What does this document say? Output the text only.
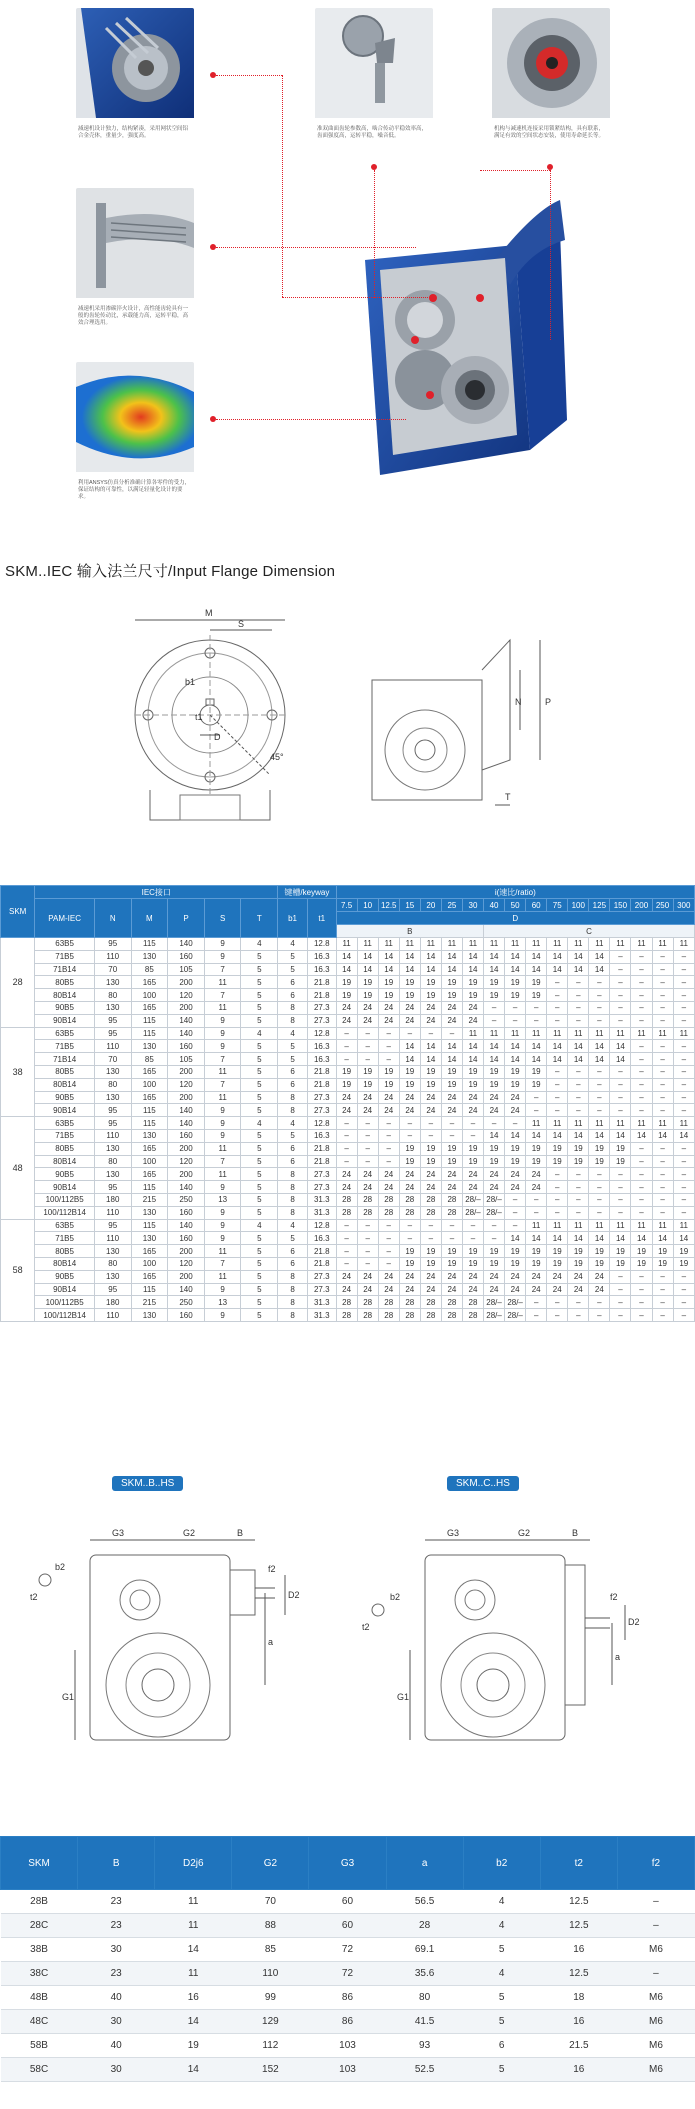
減速机设计独力，结构紧凑，采用网状空间铝合金壳体，重量少，强度高。
准双曲面齿轮参数高，啮合传动平稳效率高，齿面强度高，运转平稳，噪音低。
机构与减速机连接采用锁紧结构，具有联系，满足有效的空间状态安装，使用寿命延长等。
减速机采用渗碳淬火设计，高性能齿轮具有一般的齿轮传动比，承载能力高，运转平稳，高效合理选用。
利用ANSYS仿真分析准确计算各零件的受力，保证结构的可靠性，以满足轻量化设计的要求。
SKM..IEC 输入法兰尺寸/Input Flange Dimension
M
S
b1
t1
D
45°
N	P
T
SKM	IEC接口						键槽/keyway		i(速比/ratio)																
	PAM-IEC	N	M	P	S	T	b1	t1	7.5	10	12.5	15	20	25	30	40	50	60	75	100	125	150	200	250	300
									D																
									B							C									
28	63B5	95	115	140	9	4	4	12.8	11	11	11	11	11	11	11	11	11	11	11	11	11	11	11	11	11
	71B5	110	130	160	9	5	5	16.3	14	14	14	14	14	14	14	14	14	14	14	14	14	–	–	–	–
	71B14	70	85	105	7	5	5	16.3	14	14	14	14	14	14	14	14	14	14	14	14	14	–	–	–	–
	80B5	130	165	200	11	5	6	21.8	19	19	19	19	19	19	19	19	19	19	–	–	–	–	–	–	–
	80B14	80	100	120	7	5	6	21.8	19	19	19	19	19	19	19	19	19	19	–	–	–	–	–	–	–
	90B5	130	165	200	11	5	8	27.3	24	24	24	24	24	24	24	–	–	–	–	–	–	–	–	–	–
	90B14	95	115	140	9	5	8	27.3	24	24	24	24	24	24	24	–	–	–	–	–	–	–	–	–	–
38	63B5	95	115	140	9	4	4	12.8	–	–	–	–	–	–	11	11	11	11	11	11	11	11	11	11	11
	71B5	110	130	160	9	5	5	16.3	–	–	–	14	14	14	14	14	14	14	14	14	14	14	–	–	–
	71B14	70	85	105	7	5	5	16.3	–	–	–	14	14	14	14	14	14	14	14	14	14	14	–	–	–
	80B5	130	165	200	11	5	6	21.8	19	19	19	19	19	19	19	19	19	19	–	–	–	–	–	–	–
	80B14	80	100	120	7	5	6	21.8	19	19	19	19	19	19	19	19	19	19	–	–	–	–	–	–	–
	90B5	130	165	200	11	5	8	27.3	24	24	24	24	24	24	24	24	24	–	–	–	–	–	–	–	–
	90B14	95	115	140	9	5	8	27.3	24	24	24	24	24	24	24	24	24	–	–	–	–	–	–	–	–
48	63B5	95	115	140	9	4	4	12.8	–	–	–	–	–	–	–	–	–	11	11	11	11	11	11	11	11
	71B5	110	130	160	9	5	5	16.3	–	–	–	–	–	–	–	14	14	14	14	14	14	14	14	14	14
	80B5	130	165	200	11	5	6	21.8	–	–	–	19	19	19	19	19	19	19	19	19	19	19	–	–	–
	80B14	80	100	120	7	5	6	21.8	–	–	–	19	19	19	19	19	19	19	19	19	19	19	–	–	–
	90B5	130	165	200	11	5	8	27.3	24	24	24	24	24	24	24	24	24	24	–	–	–	–	–	–	–
	90B14	95	115	140	9	5	8	27.3	24	24	24	24	24	24	24	24	24	24	–	–	–	–	–	–	–
	100/112B5	180	215	250	13	5	8	31.3	28	28	28	28	28	28	28/–	28/–	–	–	–	–	–	–	–	–	–
	100/112B14	110	130	160	9	5	8	31.3	28	28	28	28	28	28	28/–	28/–	–	–	–	–	–	–	–	–	–
58	63B5	95	115	140	9	4	4	12.8	–	–	–	–	–	–	–	–	–	11	11	11	11	11	11	11	11
	71B5	110	130	160	9	5	5	16.3	–	–	–	–	–	–	–	–	14	14	14	14	14	14	14	14	14
	80B5	130	165	200	11	5	6	21.8	–	–	–	19	19	19	19	19	19	19	19	19	19	19	19	19	19
	80B14	80	100	120	7	5	6	21.8	–	–	–	19	19	19	19	19	19	19	19	19	19	19	19	19	19
	90B5	130	165	200	11	5	8	27.3	24	24	24	24	24	24	24	24	24	24	24	24	24	–	–	–	–
	90B14	95	115	140	9	5	8	27.3	24	24	24	24	24	24	24	24	24	24	24	24	24	–	–	–	–
	100/112B5	180	215	250	13	5	8	31.3	28	28	28	28	28	28	28	28/–	28/–	–	–	–	–	–	–	–	–
	100/112B14	110	130	160	9	5	8	31.3	28	28	28	28	28	28	28	28/–	28/–	–	–	–	–	–	–	–	–
SKM..B..HS	SKM..C..HS
G3	G2	B
b2
t2
f2
D2
a
G1
G3	G2	B
b2
t2
f2
D2
a
G1
SKM	B	D2j6	G2	G3	a	b2	t2	f2
28B	23	11	70	60	56.5	4	12.5	–
28C	23	11	88	60	28	4	12.5	–
38B	30	14	85	72	69.1	5	16	M6
38C	23	11	110	72	35.6	4	12.5	–
48B	40	16	99	86	80	5	18	M6
48C	30	14	129	86	41.5	5	16	M6
58B	40	19	112	103	93	6	21.5	M6
58C	30	14	152	103	52.5	5	16	M6
